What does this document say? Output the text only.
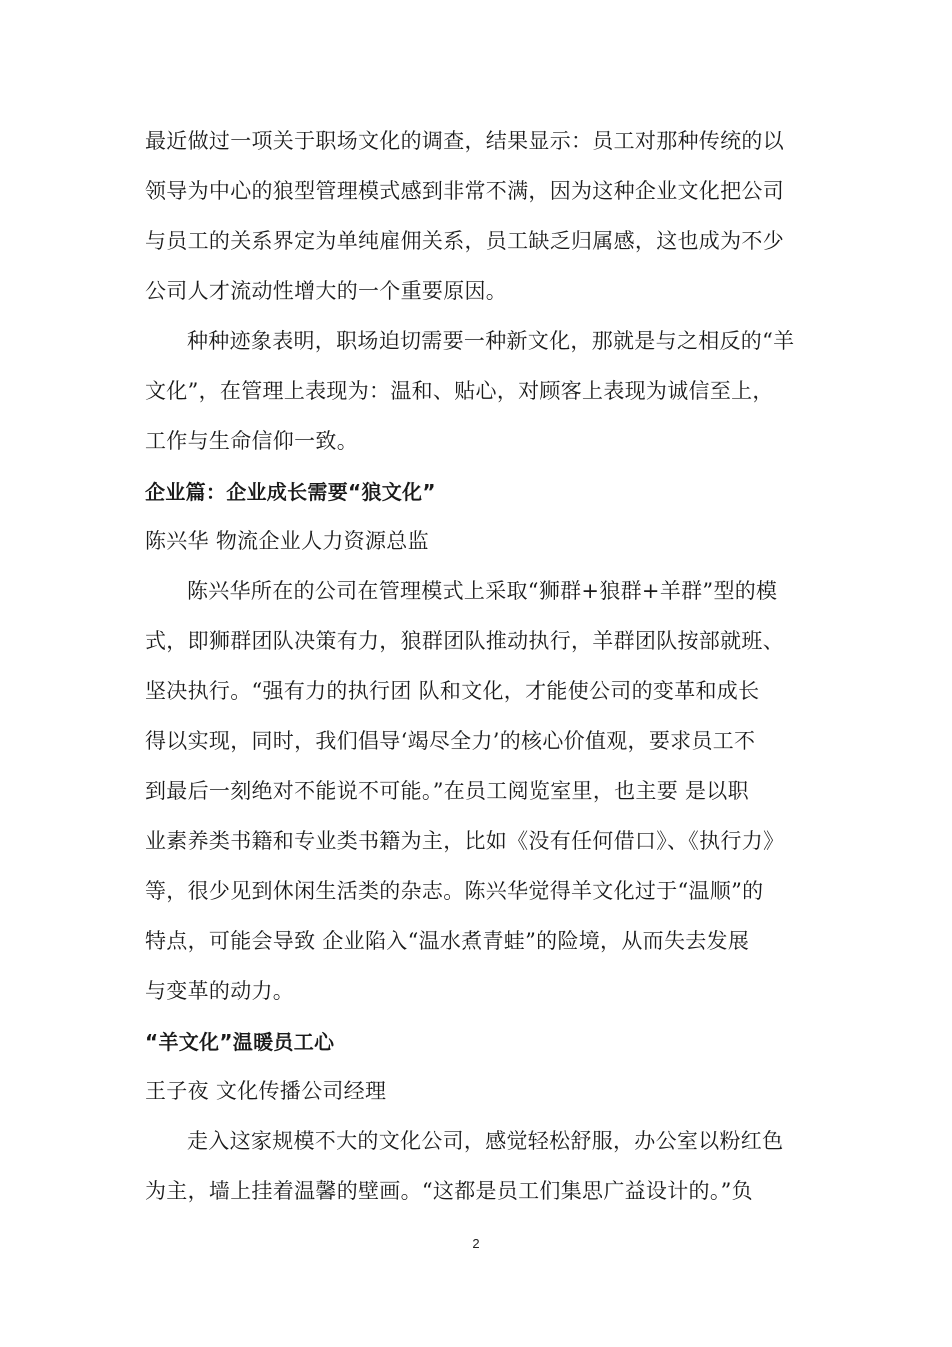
最近做过一项关于职场文化的调查，结果显示：员工对那种传统的以
领导为中心的狼型管理模式感到非常不满，因为这种企业文化把公司
与员工的关系界定为单纯雇佣关系，员工缺乏归属感，这也成为不少
公司人才流动性增大的一个重要原因。
种种迹象表明，职场迫切需要一种新文化，那就是与之相反的“羊
文化”，在管理上表现为：温和、贴心，对顾客上表现为诚信至上，
工作与生命信仰一致。
企业篇：企业成长需要“狼文化”
陈兴华 物流企业人力资源总监
陈兴华所在的公司在管理模式上采取“狮群+狼群+羊群”型的模
式，即狮群团队决策有力，狼群团队推动执行，羊群团队按部就班、
坚决执行。“强有力的执行团 队和文化，才能使公司的变革和成长
得以实现，同时，我们倡导‘竭尽全力’的核心价值观，要求员工不
到最后一刻绝对不能说不可能。”在员工阅览室里，也主要 是以职
业素养类书籍和专业类书籍为主，比如《没有任何借口》、《执行力》
等，很少见到休闲生活类的杂志。陈兴华觉得羊文化过于“温顺”的
特点，可能会导致 企业陷入“温水煮青蛙”的险境，从而失去发展
与变革的动力。
“羊文化”温暖员工心
王子夜 文化传播公司经理
走入这家规模不大的文化公司，感觉轻松舒服，办公室以粉红色
为主，墙上挂着温馨的壁画。“这都是员工们集思广益设计的。”负
2
